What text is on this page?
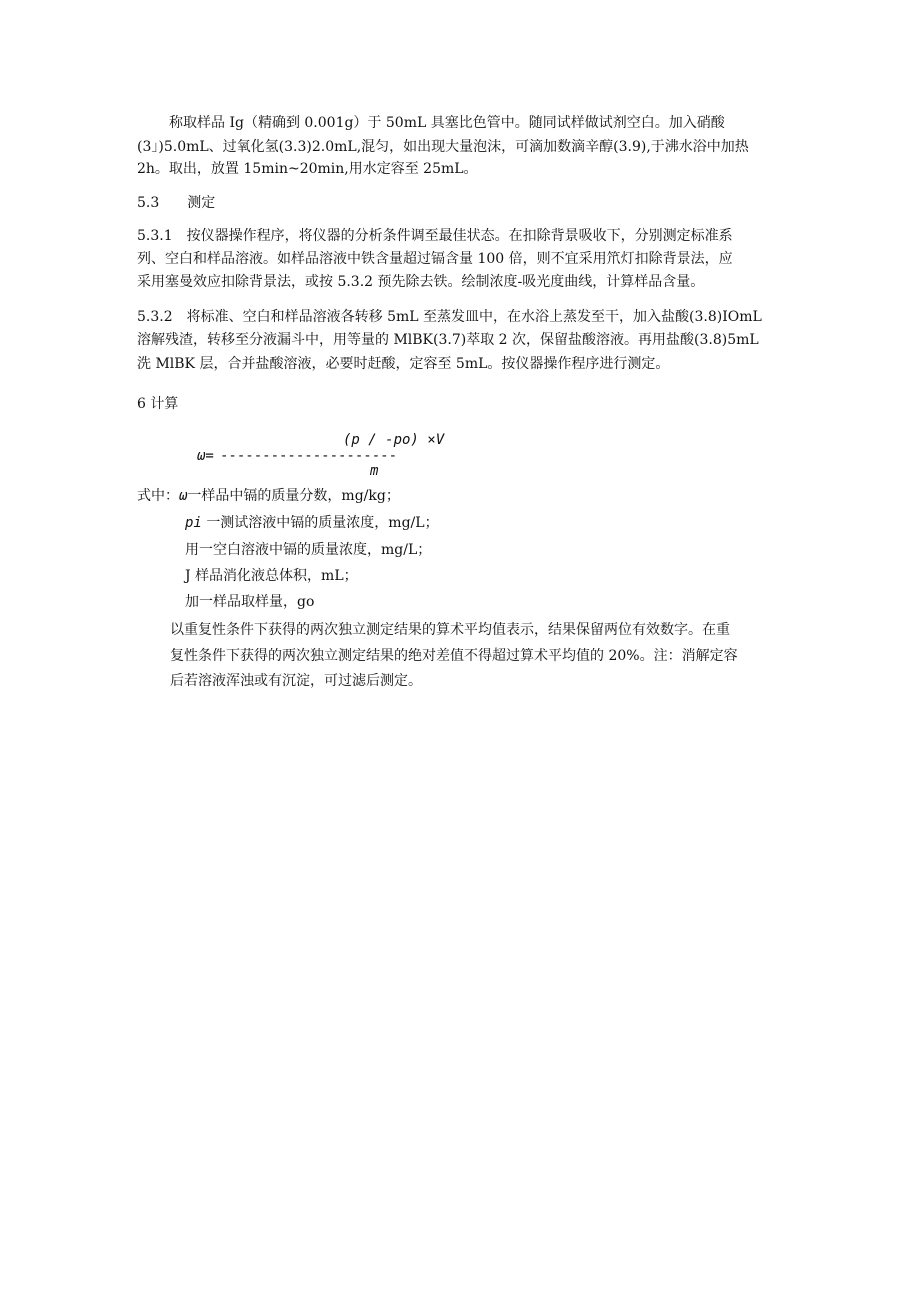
称取样品 Ig（精确到 0.001g）于 50mL 具塞比色管中。随同试样做试剂空白。加入硝酸
(3」)5.0mL、过氧化氢(3.3)2.0mL,混匀，如出现大量泡沫，可滴加数滴辛醇(3.9),于沸水浴中加热
2h。取出，放置 15min~20min,用水定容至 25mL。
5.3　　测定
5.3.1　按仪器操作程序，将仪器的分析条件调至最佳状态。在扣除背景吸收下，分别测定标准系
列、空白和样品溶液。如样品溶液中铁含量超过镉含量 100 倍，则不宜采用笊灯扣除背景法，应
采用塞曼效应扣除背景法，或按 5.3.2 预先除去铁。绘制浓度-吸光度曲线，计算样品含量。
5.3.2　将标准、空白和样品溶液各转移 5mL 至蒸发皿中，在水浴上蒸发至干，加入盐酸(3.8)IOmL
溶解残渣，转移至分液漏斗中，用等量的 MlBK(3.7)萃取 2 次，保留盐酸溶液。再用盐酸(3.8)5mL
洗 MlBK 层，合并盐酸溶液，必要时赶酸，定容至 5mL。按仪器操作程序进行测定。
6 计算
(p / -po) ×V
ω= ---------------------
m
式中：ω一样品中镉的质量分数，mg/kg；
pi 一测试溶液中镉的质量浓度，mg/L；
用一空白溶液中镉的质量浓度，mg/L；
J 样品消化液总体积，mL；
加一样品取样量，go
以重复性条件下获得的两次独立测定结果的算术平均值表示，结果保留两位有效数字。在重
复性条件下获得的两次独立测定结果的绝对差值不得超过算术平均值的 20%。注：消解定容
后若溶液浑浊或有沉淀，可过滤后测定。
